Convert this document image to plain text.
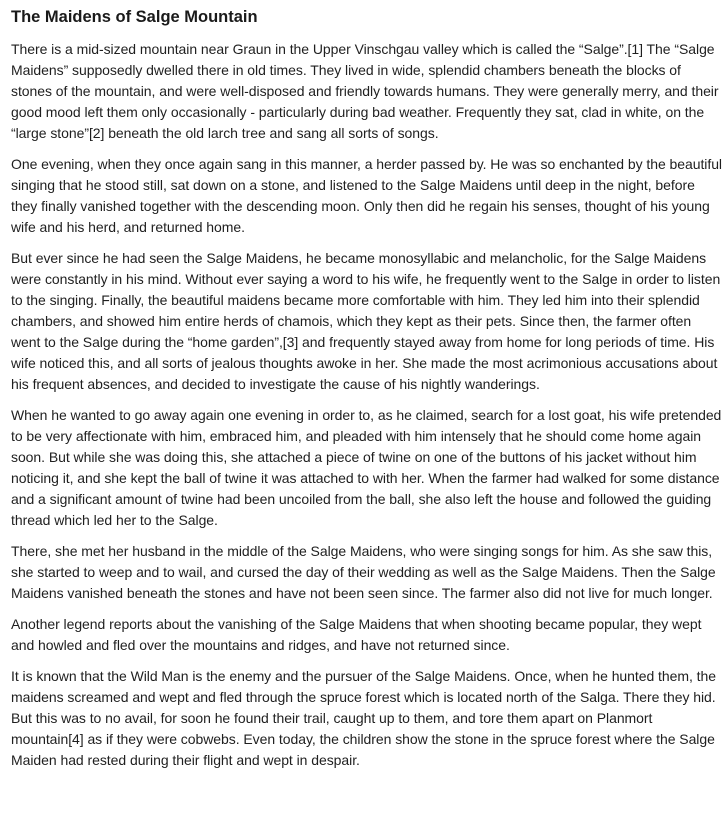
The Maidens of Salge Mountain

There is a mid-sized mountain near Graun in the Upper Vinschgau valley which is called the “Salge”.[1] The “Salge Maidens” supposedly dwelled there in old times. They lived in wide, splendid chambers beneath the blocks of stones of the mountain, and were well-disposed and friendly towards humans. They were generally merry, and their good mood left them only occasionally - particularly during bad weather. Frequently they sat, clad in white, on the “large stone”[2] beneath the old larch tree and sang all sorts of songs.

One evening, when they once again sang in this manner, a herder passed by. He was so enchanted by the beautiful singing that he stood still, sat down on a stone, and listened to the Salge Maidens until deep in the night, before they finally vanished together with the descending moon. Only then did he regain his senses, thought of his young wife and his herd, and returned home.

But ever since he had seen the Salge Maidens, he became monosyllabic and melancholic, for the Salge Maidens were constantly in his mind. Without ever saying a word to his wife, he frequently went to the Salge in order to listen to the singing. Finally, the beautiful maidens became more comfortable with him. They led him into their splendid chambers, and showed him entire herds of chamois, which they kept as their pets. Since then, the farmer often went to the Salge during the “home garden”,[3] and frequently stayed away from home for long periods of time. His wife noticed this, and all sorts of jealous thoughts awoke in her. She made the most acrimonious accusations about his frequent absences, and decided to investigate the cause of his nightly wanderings.

When he wanted to go away again one evening in order to, as he claimed, search for a lost goat, his wife pretended to be very affectionate with him, embraced him, and pleaded with him intensely that he should come home again soon. But while she was doing this, she attached a piece of twine on one of the buttons of his jacket without him noticing it, and she kept the ball of twine it was attached to with her. When the farmer had walked for some distance and a significant amount of twine had been uncoiled from the ball, she also left the house and followed the guiding thread which led her to the Salge.

There, she met her husband in the middle of the Salge Maidens, who were singing songs for him. As she saw this, she started to weep and to wail, and cursed the day of their wedding as well as the Salge Maidens. Then the Salge Maidens vanished beneath the stones and have not been seen since. The farmer also did not live for much longer.

Another legend reports about the vanishing of the Salge Maidens that when shooting became popular, they wept and howled and fled over the mountains and ridges, and have not returned since.

It is known that the Wild Man is the enemy and the pursuer of the Salge Maidens. Once, when he hunted them, the maidens screamed and wept and fled through the spruce forest which is located north of the Salga. There they hid. But this was to no avail, for soon he found their trail, caught up to them, and tore them apart on Planmort mountain[4] as if they were cobwebs. Even today, the children show the stone in the spruce forest where the Salge Maiden had rested during their flight and wept in despair.
